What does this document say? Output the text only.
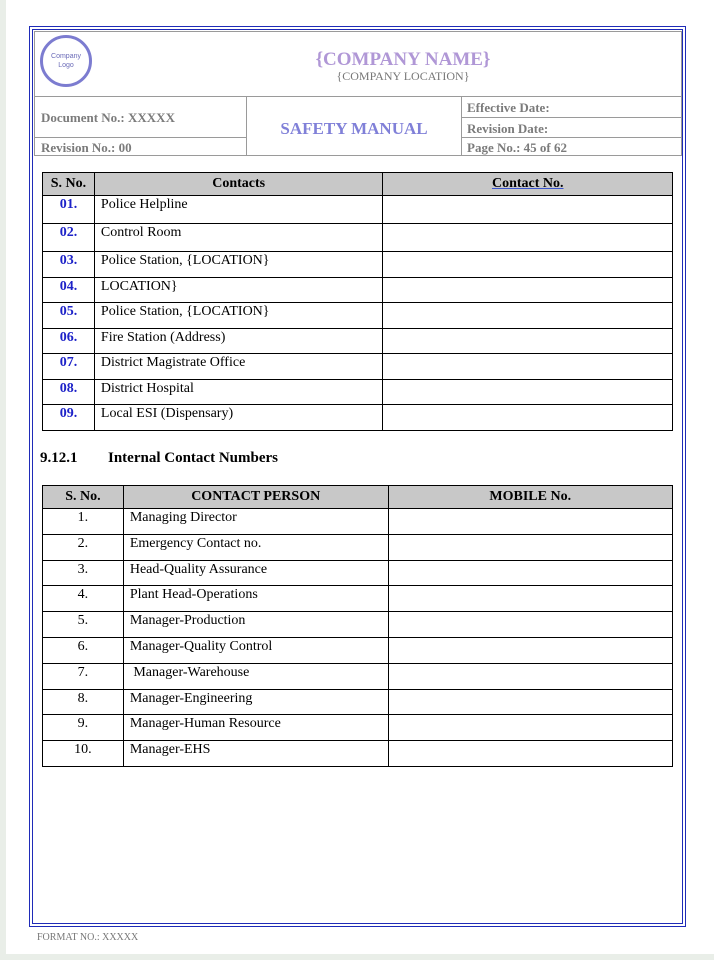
Company
Logo	{COMPANY NAME}
{COMPANY LOCATION}
Document No.: XXXXX
Revision No.: 00
SAFETY MANUAL
Effective Date:
Revision Date:
Page No.: 45 of 62
S. No.	Contacts	Contact No.
01.	Police Helpline	
02.	Control Room	
03.	Police Station, {LOCATION}	
04.	LOCATION}	
05.	Police Station, {LOCATION}	
06.	Fire Station (Address)	
07.	District Magistrate Office	
08.	District Hospital	
09.	Local ESI (Dispensary)	
9.12.1 Internal Contact Numbers
S. No.	CONTACT PERSON	MOBILE No.
1.	Managing Director	
2.	Emergency Contact no.	
3.	Head-Quality Assurance	
4.	Plant Head-Operations	
5.	Manager-Production	
6.	Manager-Quality Control	
7.	Manager-Warehouse	
8.	Manager-Engineering	
9.	Manager-Human Resource	
10.	Manager-EHS	
FORMAT NO.: XXXXX
